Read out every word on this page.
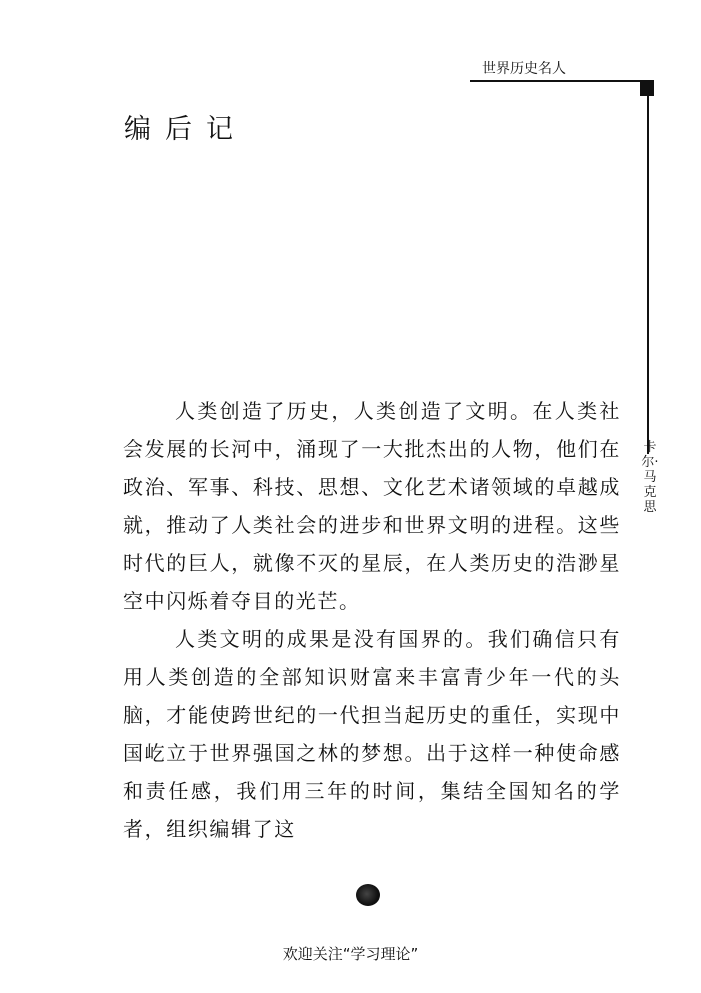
世界历史名人
卡尔·马克思
编后记

人类创造了历史，人类创造了文明。在人类社会发展的长河中，涌现了一大批杰出的人物，他们在政治、军事、科技、思想、文化艺术诸领域的卓越成就，推动了人类社会的进步和世界文明的进程。这些时代的巨人，就像不灭的星辰，在人类历史的浩渺星空中闪烁着夺目的光芒。

人类文明的成果是没有国界的。我们确信只有用人类创造的全部知识财富来丰富青少年一代的头脑，才能使跨世纪的一代担当起历史的重任，实现中国屹立于世界强国之林的梦想。出于这样一种使命感和责任感，我们用三年的时间，集结全国知名的学者，组织编辑了这

欢迎关注“学习理论”
